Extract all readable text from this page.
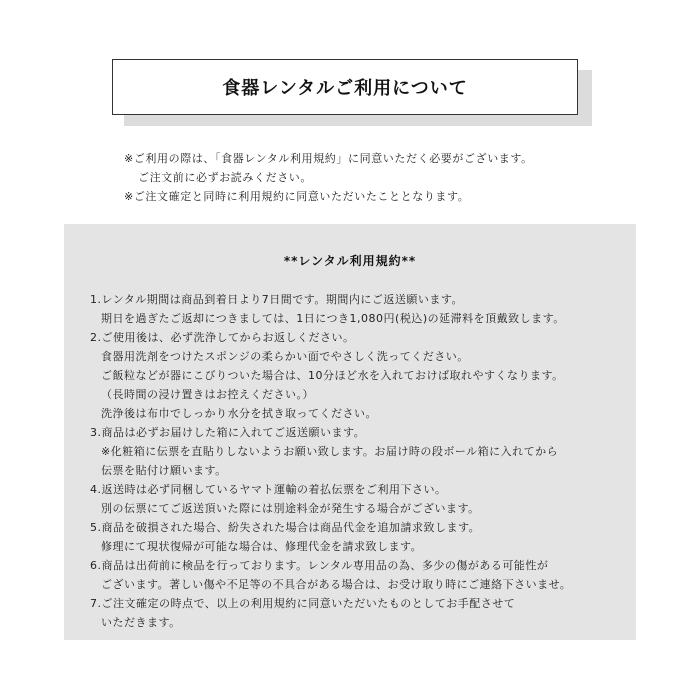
食器レンタルご利用について
※ご利用の際は、「食器レンタル利用規約」に同意いただく必要がございます。
ご注文前に必ずお読みください。
※ご注文確定と同時に利用規約に同意いただいたこととなります。
**レンタル利用規約**
1.レンタル期間は商品到着日より7日間です。期間内にご返送願います。
期日を過ぎたご返却につきましては、1日につき1,080円(税込)の延滞料を頂戴致します。
2.ご使用後は、必ず洗浄してからお返しください。
食器用洗剤をつけたスポンジの柔らかい面でやさしく洗ってください。
ご飯粒などが器にこびりついた場合は、10分ほど水を入れておけば取れやすくなります。
（長時間の浸け置きはお控えください。）
洗浄後は布巾でしっかり水分を拭き取ってください。
3.商品は必ずお届けした箱に入れてご返送願います。
※化粧箱に伝票を直貼りしないようお願い致します。お届け時の段ボール箱に入れてから
伝票を貼付け願います。
4.返送時は必ず同梱しているヤマト運輸の着払伝票をご利用下さい。
別の伝票にてご返送頂いた際には別途料金が発生する場合がございます。
5.商品を破損された場合、紛失された場合は商品代金を追加請求致します。
修理にて現状復帰が可能な場合は、修理代金を請求致します。
6.商品は出荷前に検品を行っております。レンタル専用品の為、多少の傷がある可能性が
ございます。著しい傷や不足等の不具合がある場合は、お受け取り時にご連絡下さいませ。
7.ご注文確定の時点で、以上の利用規約に同意いただいたものとしてお手配させて
いただきます。
